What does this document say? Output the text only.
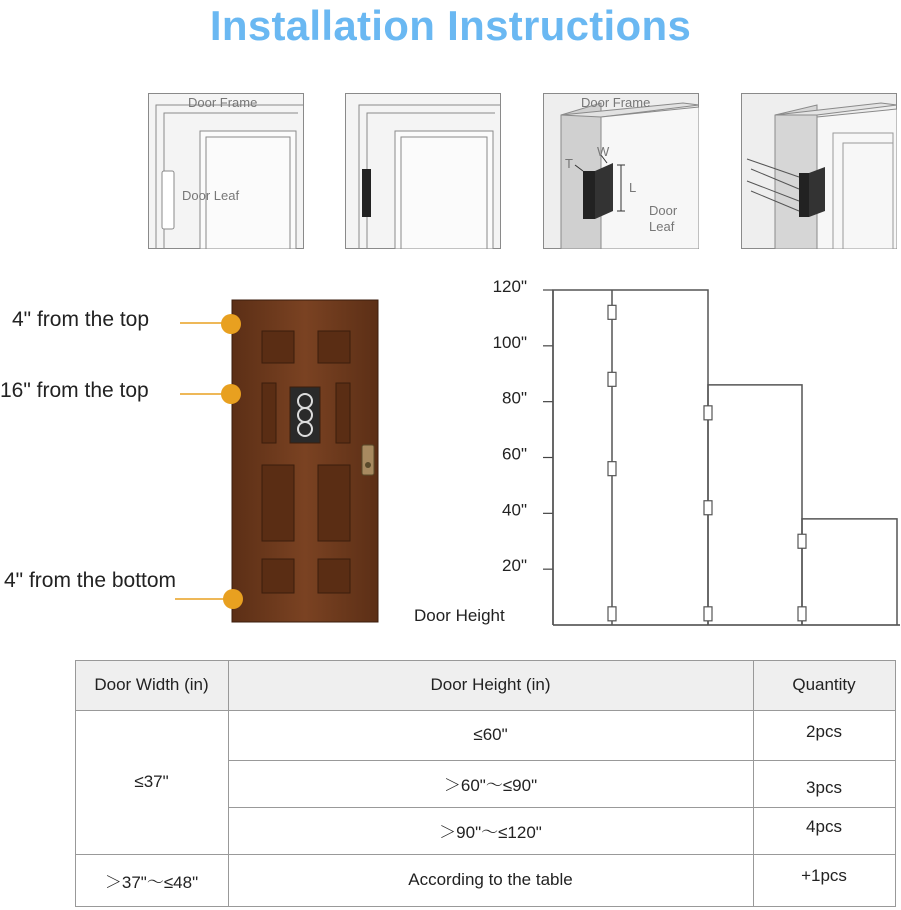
Installation Instructions
Door Frame
Door Leaf
Door Frame
T
W
L
Door
Leaf
4" from the top
16" from the top
4" from the bottom
20"
40"
60"
80"
100"
120"
Door Height
Door Width (in)	Door Height (in)	Quantity
≤37"
≤60"	2pcs
＞60"～≤90"	3pcs
＞90"～≤120"	4pcs
＞37"～≤48"	According to the table	+1pcs
